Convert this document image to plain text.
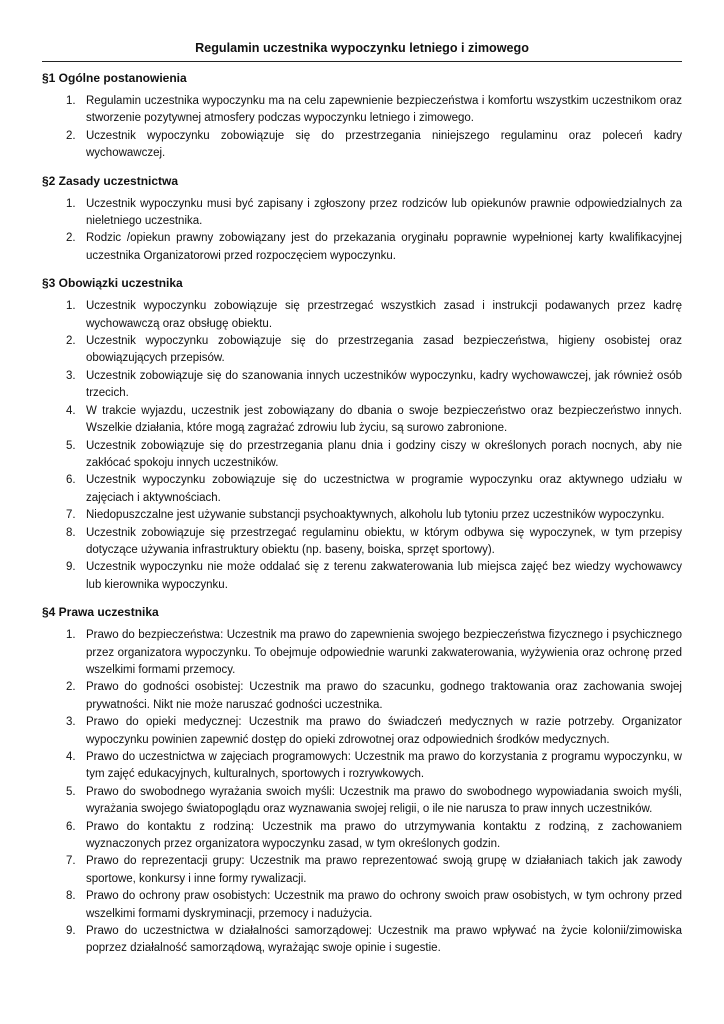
Regulamin uczestnika wypoczynku letniego i zimowego
§1 Ogólne postanowienia
1. Regulamin uczestnika wypoczynku ma na celu zapewnienie bezpieczeństwa i komfortu wszystkim uczestnikom oraz stworzenie pozytywnej atmosfery podczas wypoczynku letniego i zimowego.
2. Uczestnik wypoczynku zobowiązuje się do przestrzegania niniejszego regulaminu oraz poleceń kadry wychowawczej.
§2 Zasady uczestnictwa
1. Uczestnik wypoczynku musi być zapisany i zgłoszony przez rodziców lub opiekunów prawnie odpowiedzialnych za nieletniego uczestnika.
2. Rodzic /opiekun prawny zobowiązany jest do przekazania oryginału poprawnie wypełnionej karty kwalifikacyjnej uczestnika Organizatorowi przed rozpoczęciem wypoczynku.
§3 Obowiązki uczestnika
1. Uczestnik wypoczynku zobowiązuje się przestrzegać wszystkich zasad i instrukcji podawanych przez kadrę wychowawczą oraz obsługę obiektu.
2. Uczestnik wypoczynku zobowiązuje się do przestrzegania zasad bezpieczeństwa, higieny osobistej oraz obowiązujących przepisów.
3. Uczestnik zobowiązuje się do szanowania innych uczestników wypoczynku, kadry wychowawczej, jak również osób trzecich.
4. W trakcie wyjazdu, uczestnik jest zobowiązany do dbania o swoje bezpieczeństwo oraz bezpieczeństwo innych. Wszelkie działania, które mogą zagrażać zdrowiu lub życiu, są surowo zabronione.
5. Uczestnik zobowiązuje się do przestrzegania planu dnia i godziny ciszy w określonych porach nocnych, aby nie zakłócać spokoju innych uczestników.
6. Uczestnik wypoczynku zobowiązuje się do uczestnictwa w programie wypoczynku oraz aktywnego udziału w zajęciach i aktywnościach.
7. Niedopuszczalne jest używanie substancji psychoaktywnych, alkoholu lub tytoniu przez uczestników wypoczynku.
8. Uczestnik zobowiązuje się przestrzegać regulaminu obiektu, w którym odbywa się wypoczynek, w tym przepisy dotyczące używania infrastruktury obiektu (np. baseny, boiska, sprzęt sportowy).
9. Uczestnik wypoczynku nie może oddalać się z terenu zakwaterowania lub miejsca zajęć bez wiedzy wychowawcy lub kierownika wypoczynku.
§4 Prawa uczestnika
1. Prawo do bezpieczeństwa: Uczestnik ma prawo do zapewnienia swojego bezpieczeństwa fizycznego i psychicznego przez organizatora wypoczynku. To obejmuje odpowiednie warunki zakwaterowania, wyżywienia oraz ochronę przed wszelkimi formami przemocy.
2. Prawo do godności osobistej: Uczestnik ma prawo do szacunku, godnego traktowania oraz zachowania swojej prywatności. Nikt nie może naruszać godności uczestnika.
3. Prawo do opieki medycznej: Uczestnik ma prawo do świadczeń medycznych w razie potrzeby. Organizator wypoczynku powinien zapewnić dostęp do opieki zdrowotnej oraz odpowiednich środków medycznych.
4. Prawo do uczestnictwa w zajęciach programowych: Uczestnik ma prawo do korzystania z programu wypoczynku, w tym zajęć edukacyjnych, kulturalnych, sportowych i rozrywkowych.
5. Prawo do swobodnego wyrażania swoich myśli: Uczestnik ma prawo do swobodnego wypowiadania swoich myśli, wyrażania swojego światopoglądu oraz wyznawania swojej religii, o ile nie narusza to praw innych uczestników.
6. Prawo do kontaktu z rodziną: Uczestnik ma prawo do utrzymywania kontaktu z rodziną, z zachowaniem wyznaczonych przez organizatora wypoczynku zasad, w tym określonych godzin.
7. Prawo do reprezentacji grupy: Uczestnik ma prawo reprezentować swoją grupę w działaniach takich jak zawody sportowe, konkursy i inne formy rywalizacji.
8. Prawo do ochrony praw osobistych: Uczestnik ma prawo do ochrony swoich praw osobistych, w tym ochrony przed wszelkimi formami dyskryminacji, przemocy i nadużycia.
9. Prawo do uczestnictwa w działalności samorządowej: Uczestnik ma prawo wpływać na życie kolonii/zimowiska poprzez działalność samorządową, wyrażając swoje opinie i sugestie.
